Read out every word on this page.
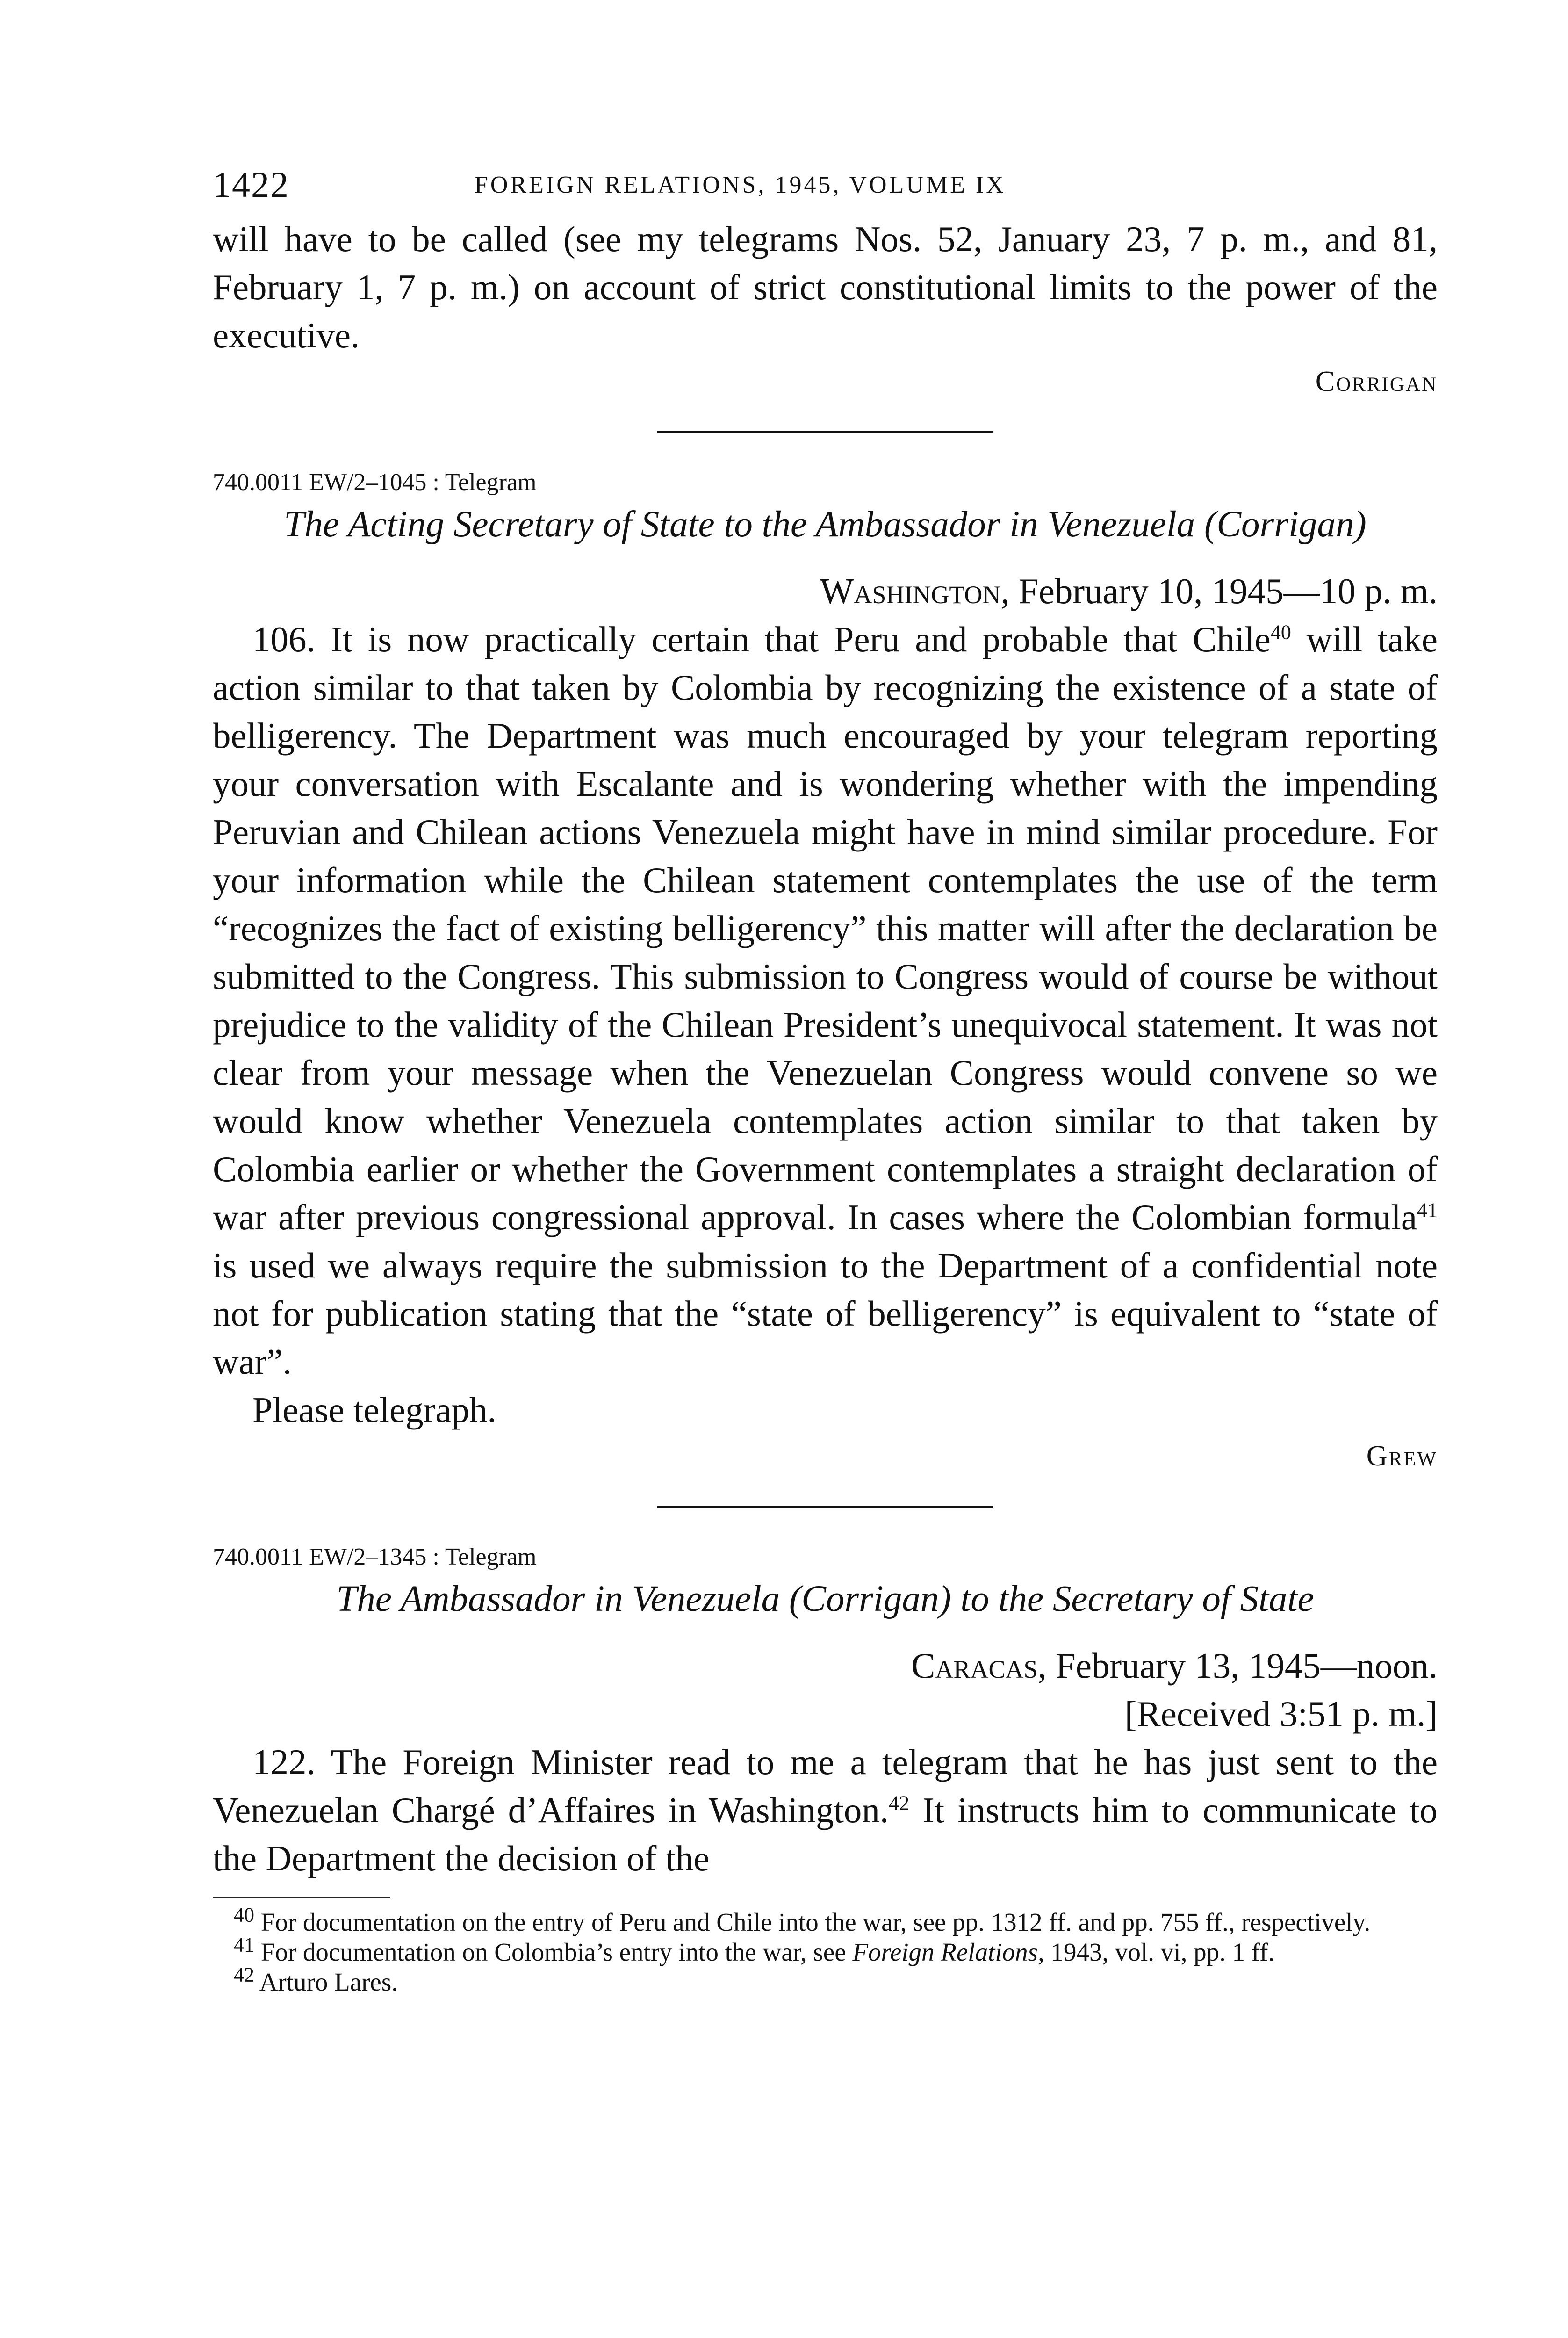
1422	FOREIGN RELATIONS, 1945, VOLUME IX

will have to be called (see my telegrams Nos. 52, January 23, 7 p. m., and 81, February 1, 7 p. m.) on account of strict constitutional limits to the power of the executive.

Corrigan

740.0011 EW/2–1045 : Telegram

The Acting Secretary of State to the Ambassador in Venezuela (Corrigan)

Washington, February 10, 1945—10 p. m.

106. It is now practically certain that Peru and probable that Chile$^{40}$ will take action similar to that taken by Colombia by recognizing the existence of a state of belligerency. The Department was much encouraged by your telegram reporting your conversation with Escalante and is wondering whether with the impending Peruvian and Chilean actions Venezuela might have in mind similar procedure. For your information while the Chilean statement contemplates the use of the term “recognizes the fact of existing belligerency” this matter will after the declaration be submitted to the Congress. This submission to Congress would of course be without prejudice to the validity of the Chilean President’s unequivocal statement. It was not clear from your message when the Venezuelan Congress would convene so we would know whether Venezuela contemplates action similar to that taken by Colombia earlier or whether the Government contemplates a straight declaration of war after previous congressional approval. In cases where the Colombian formula$^{41}$ is used we always require the submission to the Department of a confidential note not for publication stating that the “state of belligerency” is equivalent to “state of war”.

Please telegraph.

Grew

740.0011 EW/2–1345 : Telegram

The Ambassador in Venezuela (Corrigan) to the Secretary of State

Caracas, February 13, 1945—noon.

[Received 3:51 p. m.]

122. The Foreign Minister read to me a telegram that he has just sent to the Venezuelan Chargé d’Affaires in Washington.$^{42}$ It instructs him to communicate to the Department the decision of the

$^{40}$ For documentation on the entry of Peru and Chile into the war, see pp. 1312 ff. and pp. 755 ff., respectively.

$^{41}$ For documentation on Colombia’s entry into the war, see Foreign Relations, 1943, vol. vi, pp. 1 ff.

$^{42}$ Arturo Lares.
